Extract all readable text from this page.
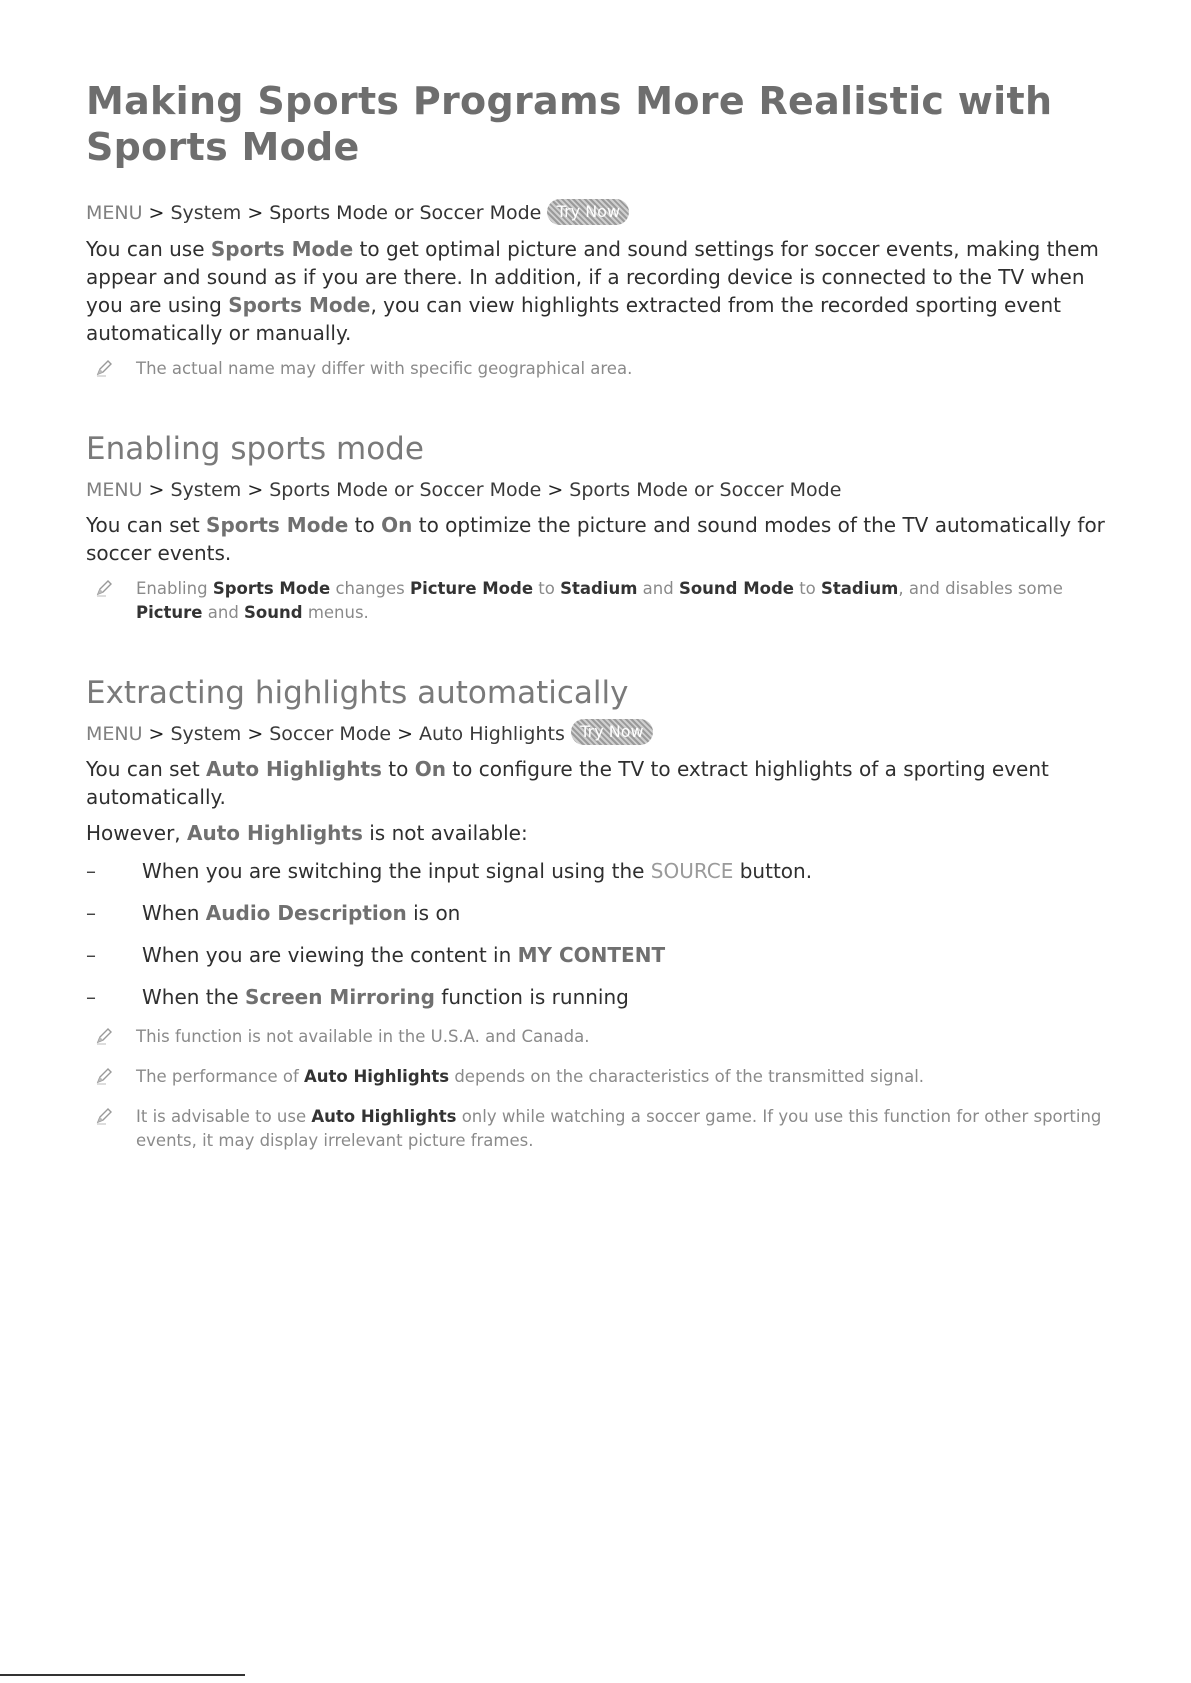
Making Sports Programs More Realistic with Sports Mode
MENU > System > Sports Mode or Soccer Mode Try Now

You can use Sports Mode to get optimal picture and sound settings for soccer events, making them appear and sound as if you are there. In addition, if a recording device is connected to the TV when you are using Sports Mode, you can view highlights extracted from the recorded sporting event automatically or manually.

The actual name may differ with specific geographical area.
Enabling sports mode
MENU > System > Sports Mode or Soccer Mode > Sports Mode or Soccer Mode

You can set Sports Mode to On to optimize the picture and sound modes of the TV automatically for soccer events.

Enabling Sports Mode changes Picture Mode to Stadium and Sound Mode to Stadium, and disables some Picture and Sound menus.
Extracting highlights automatically
MENU > System > Soccer Mode > Auto Highlights Try Now

You can set Auto Highlights to On to configure the TV to extract highlights of a sporting event automatically.

However, Auto Highlights is not available:

–	When you are switching the input signal using the SOURCE button.
–	When Audio Description is on
–	When you are viewing the content in MY CONTENT
–	When the Screen Mirroring function is running
This function is not available in the U.S.A. and Canada.
The performance of Auto Highlights depends on the characteristics of the transmitted signal.
It is advisable to use Auto Highlights only while watching a soccer game. If you use this function for other sporting events, it may display irrelevant picture frames.
